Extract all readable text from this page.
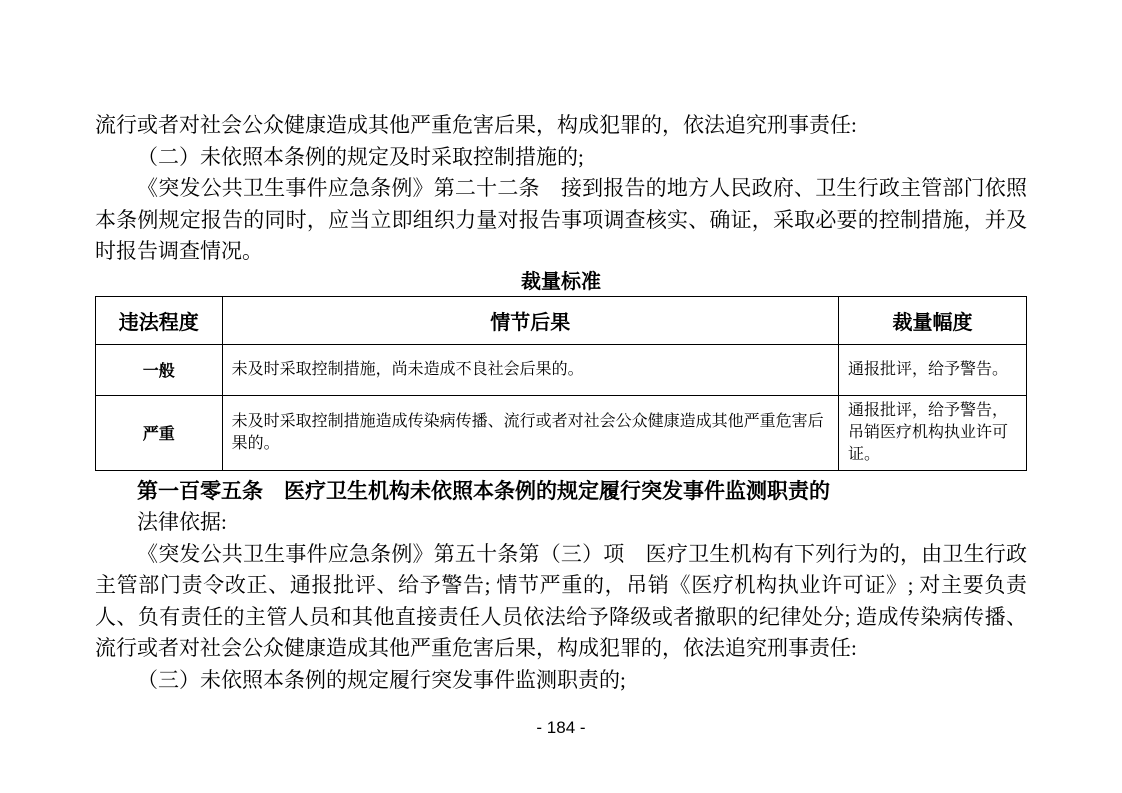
流行或者对社会公众健康造成其他严重危害后果，构成犯罪的，依法追究刑事责任:

（二）未依照本条例的规定及时采取控制措施的;

《突发公共卫生事件应急条例》第二十二条　接到报告的地方人民政府、卫生行政主管部门依照本条例规定报告的同时，应当立即组织力量对报告事项调查核实、确证，采取必要的控制措施，并及时报告调查情况。

裁量标准
违法程度	情节后果	裁量幅度
一般	未及时采取控制措施，尚未造成不良社会后果的。	通报批评，给予警告。
严重	未及时采取控制措施造成传染病传播、流行或者对社会公众健康造成其他严重危害后果的。	通报批评，给予警告，吊销医疗机构执业许可证。
第一百零五条　医疗卫生机构未依照本条例的规定履行突发事件监测职责的

法律依据:

《突发公共卫生事件应急条例》第五十条第（三）项　医疗卫生机构有下列行为的，由卫生行政主管部门责令改正、通报批评、给予警告; 情节严重的，吊销《医疗机构执业许可证》; 对主要负责人、负有责任的主管人员和其他直接责任人员依法给予降级或者撤职的纪律处分; 造成传染病传播、流行或者对社会公众健康造成其他严重危害后果，构成犯罪的，依法追究刑事责任:

（三）未依照本条例的规定履行突发事件监测职责的;

- 184 -
